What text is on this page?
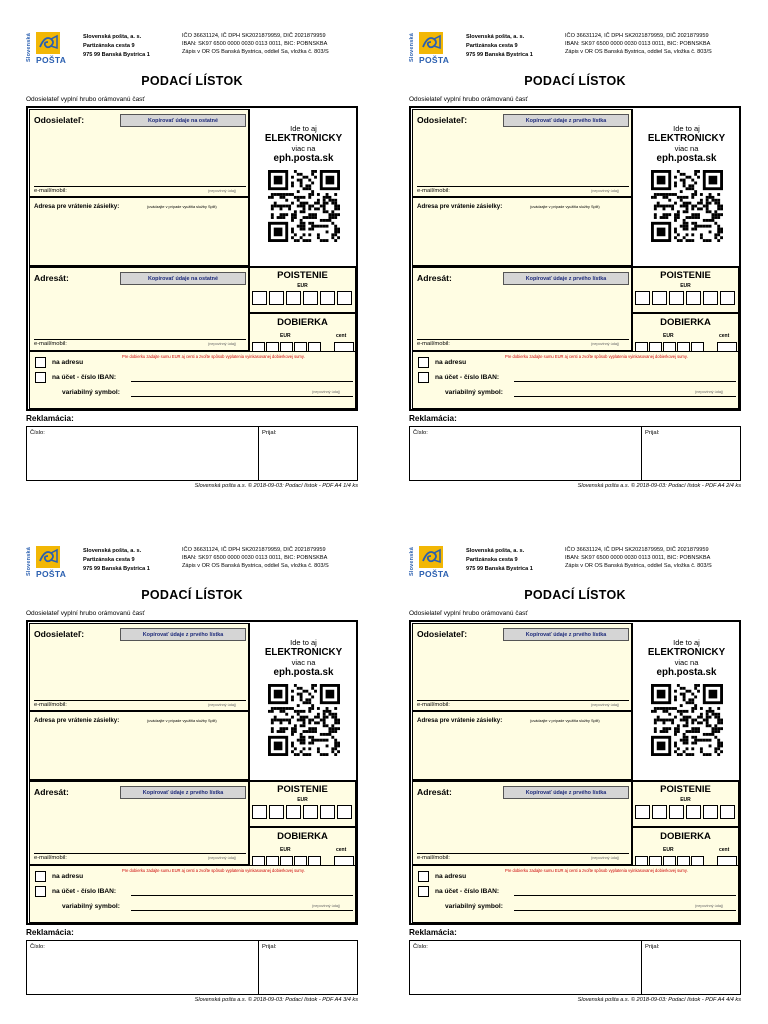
Slovenská POŠTA
Slovenská pošta, a. s.
Partizánska cesta 9
975 99 Banská Bystrica 1
IČO 36631124, IČ DPH SK2021879959, DIČ 2021879959
IBAN: SK97 6500 0000 0030 0113 0011, BIC: POBNSKBA
Zápis v OR OS Banská Bystrica, oddiel Sa, vložka č. 803/S
PODACÍ LÍSTOK
Odosielateľ vyplní hrubo orámovanú časť
Odosielateľ:	Kopírovať údaje na ostatné
e-mail/mobil:	(nepovinný údaj)
Adresa pre vrátenie zásielky:	(uvádzajte v prípade využitia služby Split)
Ide to aj
ELEKTRONICKY
viac na
eph.posta.sk
Adresát:	Kopírovať údaje na ostatné
e-mail/mobil:	(nepovinný údaj)
POISTENIE
EUR
DOBIERKA
EUR	cent
Pre dobierku zadajte sumu EUR aj centi a zvoľte spôsob vyplatenia vyinkasovanej dobierkovej sumy.
na adresu
na účet - číslo IBAN:
variabilný symbol:	(nepovinný údaj)
Reklamácia:
Číslo:	Prijal:
Slovenská pošta a.s. © 2018-09-03: Podací lístok - PDF A4 1/4 ks
Slovenská POŠTA
Slovenská pošta, a. s.
Partizánska cesta 9
975 99 Banská Bystrica 1
IČO 36631124, IČ DPH SK2021879959, DIČ 2021879959
IBAN: SK97 6500 0000 0030 0113 0011, BIC: POBNSKBA
Zápis v OR OS Banská Bystrica, oddiel Sa, vložka č. 803/S
PODACÍ LÍSTOK
Odosielateľ vyplní hrubo orámovanú časť
Odosielateľ:	Kopírovať údaje z prvého lístka
e-mail/mobil:	(nepovinný údaj)
Adresa pre vrátenie zásielky:	(uvádzajte v prípade využitia služby Split)
Ide to aj
ELEKTRONICKY
viac na
eph.posta.sk
Adresát:	Kopírovať údaje z prvého lístka
e-mail/mobil:	(nepovinný údaj)
POISTENIE
EUR
DOBIERKA
EUR	cent
Pre dobierku zadajte sumu EUR aj centi a zvoľte spôsob vyplatenia vyinkasovanej dobierkovej sumy.
na adresu
na účet - číslo IBAN:
variabilný symbol:	(nepovinný údaj)
Reklamácia:
Číslo:	Prijal:
Slovenská pošta a.s. © 2018-09-03: Podací lístok - PDF A4 2/4 ks
Slovenská POŠTA
Slovenská pošta, a. s.
Partizánska cesta 9
975 99 Banská Bystrica 1
IČO 36631124, IČ DPH SK2021879959, DIČ 2021879959
IBAN: SK97 6500 0000 0030 0113 0011, BIC: POBNSKBA
Zápis v OR OS Banská Bystrica, oddiel Sa, vložka č. 803/S
PODACÍ LÍSTOK
Odosielateľ vyplní hrubo orámovanú časť
Odosielateľ:	Kopírovať údaje z prvého lístka
e-mail/mobil:	(nepovinný údaj)
Adresa pre vrátenie zásielky:	(uvádzajte v prípade využitia služby Split)
Ide to aj
ELEKTRONICKY
viac na
eph.posta.sk
Adresát:	Kopírovať údaje z prvého lístka
e-mail/mobil:	(nepovinný údaj)
POISTENIE
EUR
DOBIERKA
EUR	cent
Pre dobierku zadajte sumu EUR aj centi a zvoľte spôsob vyplatenia vyinkasovanej dobierkovej sumy.
na adresu
na účet - číslo IBAN:
variabilný symbol:	(nepovinný údaj)
Reklamácia:
Číslo:	Prijal:
Slovenská pošta a.s. © 2018-09-03: Podací lístok - PDF A4 3/4 ks
Slovenská POŠTA
Slovenská pošta, a. s.
Partizánska cesta 9
975 99 Banská Bystrica 1
IČO 36631124, IČ DPH SK2021879959, DIČ 2021879959
IBAN: SK97 6500 0000 0030 0113 0011, BIC: POBNSKBA
Zápis v OR OS Banská Bystrica, oddiel Sa, vložka č. 803/S
PODACÍ LÍSTOK
Odosielateľ vyplní hrubo orámovanú časť
Odosielateľ:	Kopírovať údaje z prvého lístka
e-mail/mobil:	(nepovinný údaj)
Adresa pre vrátenie zásielky:	(uvádzajte v prípade využitia služby Split)
Ide to aj
ELEKTRONICKY
viac na
eph.posta.sk
Adresát:	Kopírovať údaje z prvého lístka
e-mail/mobil:	(nepovinný údaj)
POISTENIE
EUR
DOBIERKA
EUR	cent
Pre dobierku zadajte sumu EUR aj centi a zvoľte spôsob vyplatenia vyinkasovanej dobierkovej sumy.
na adresu
na účet - číslo IBAN:
variabilný symbol:	(nepovinný údaj)
Reklamácia:
Číslo:	Prijal:
Slovenská pošta a.s. © 2018-09-03: Podací lístok - PDF A4 4/4 ks
